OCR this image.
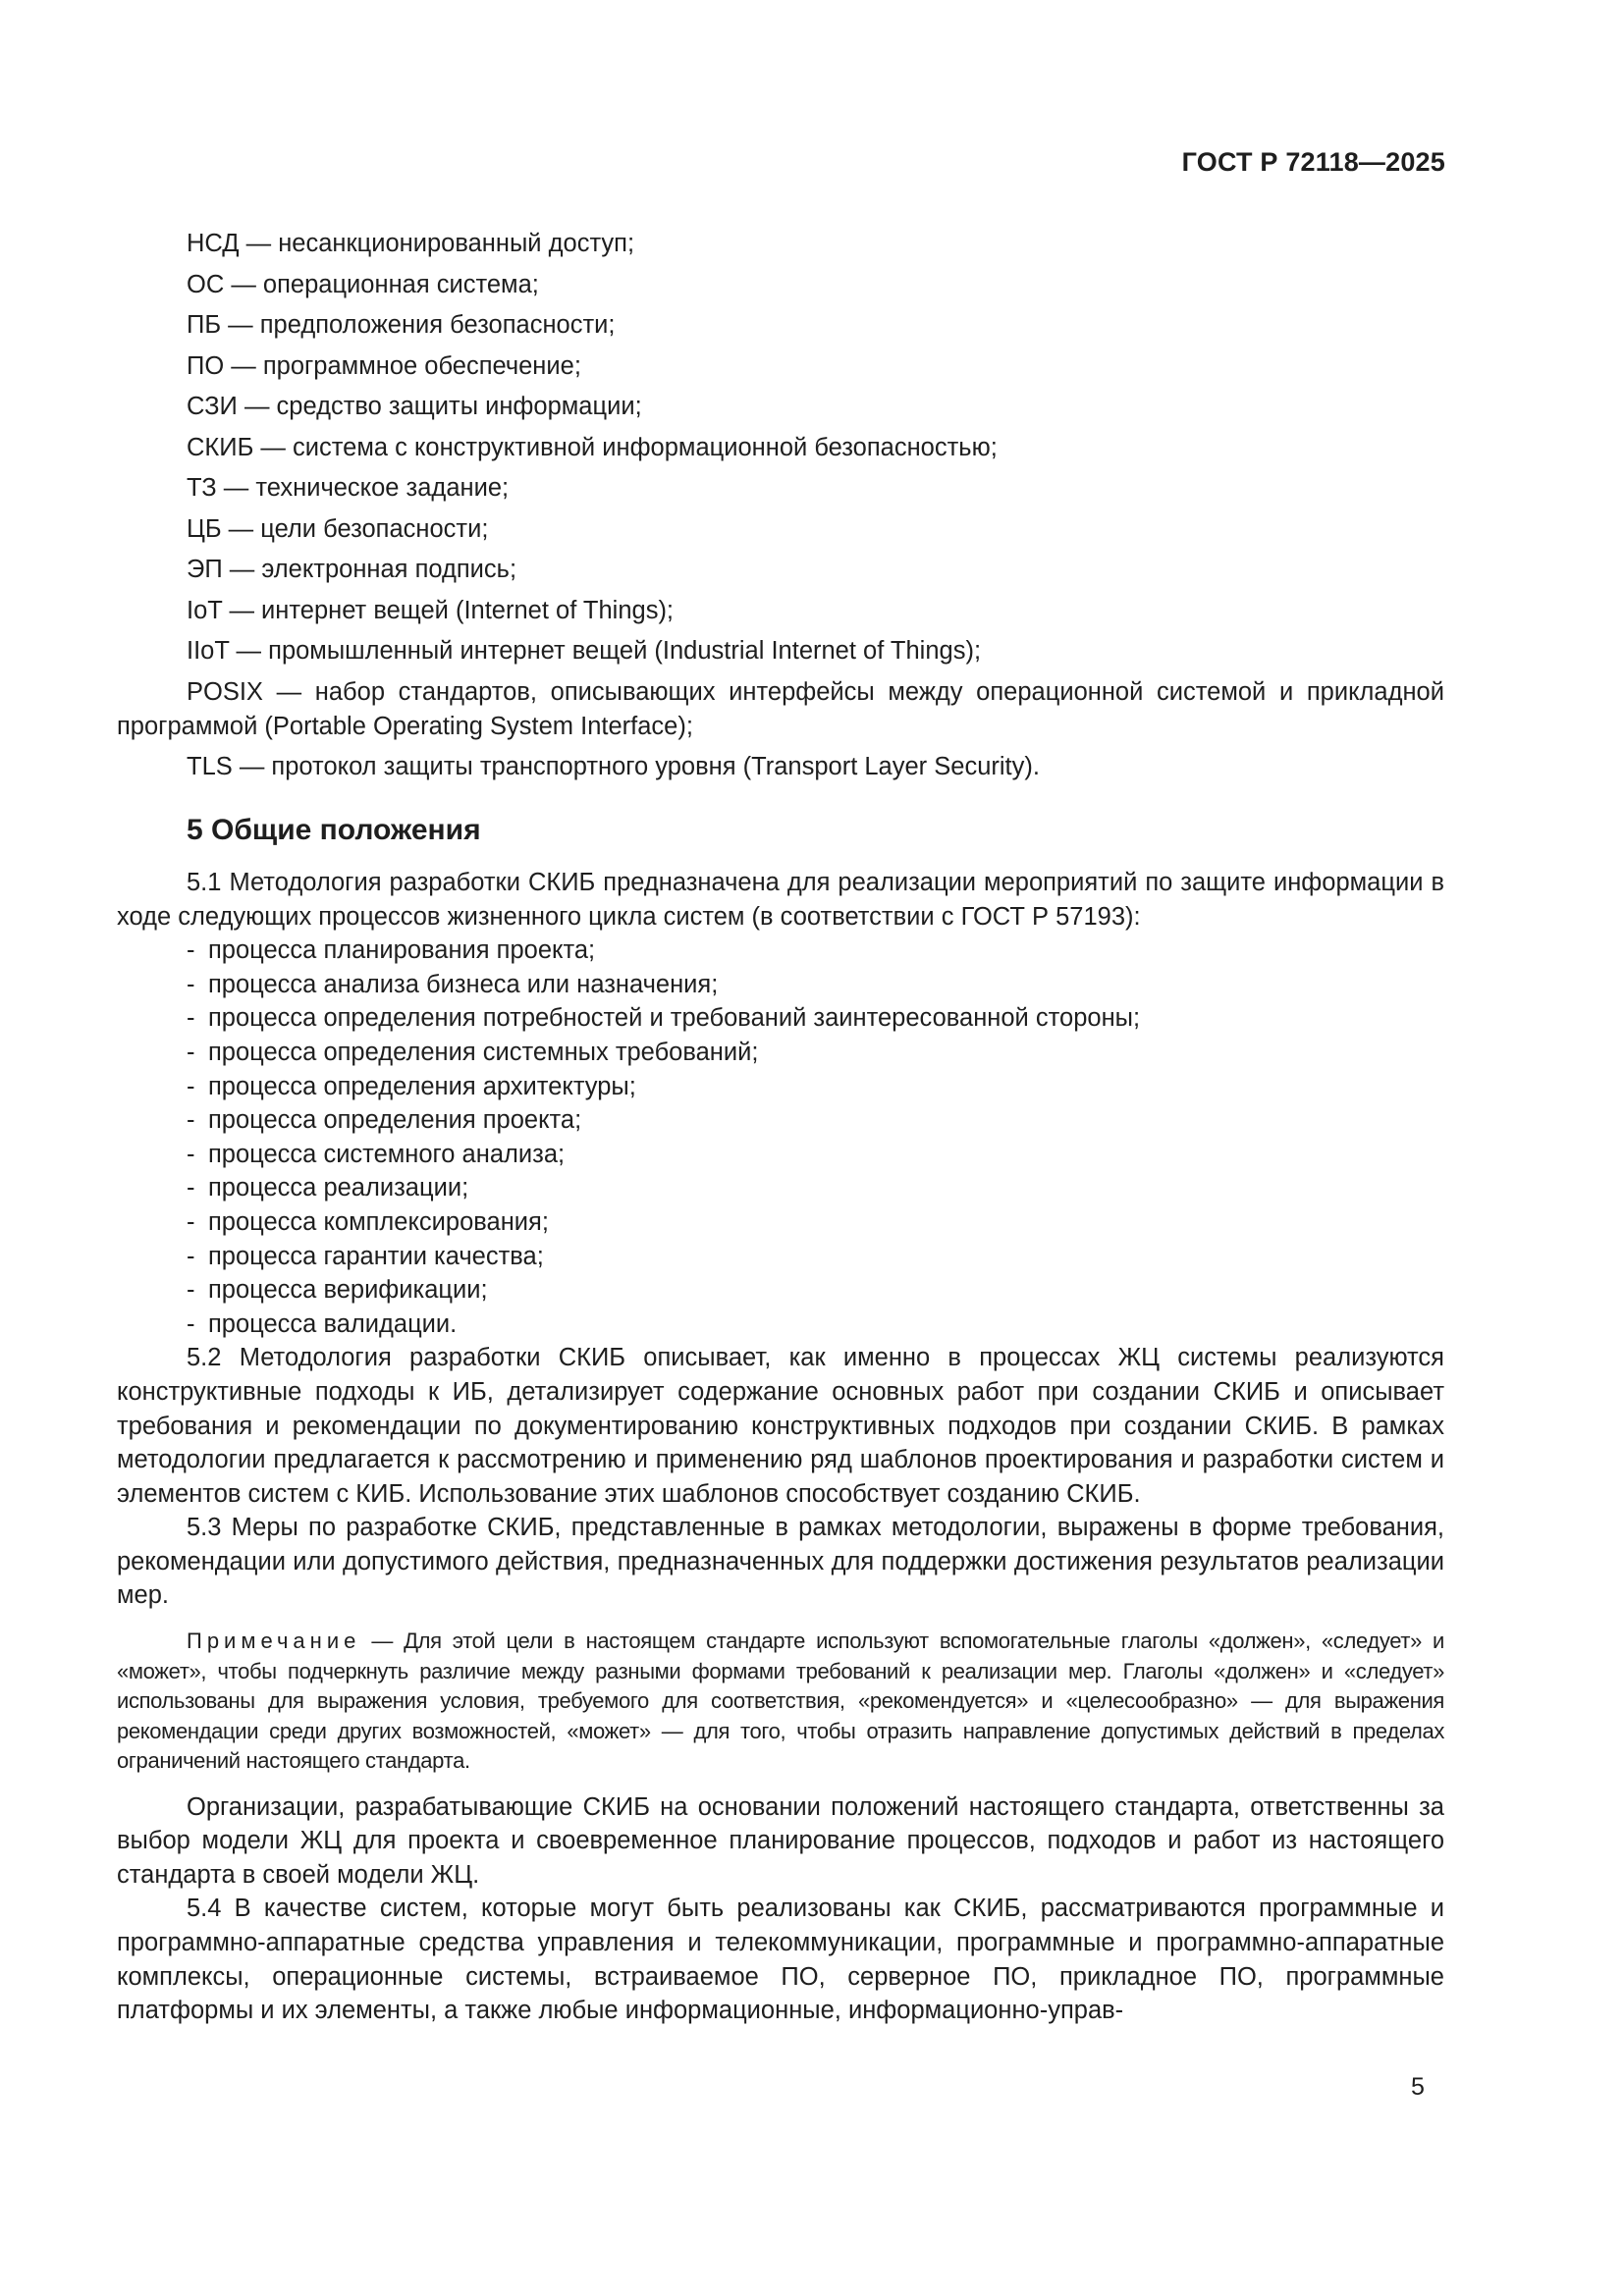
ГОСТ Р 72118—2025

НСД — несанкционированный доступ;

ОС — операционная система;

ПБ — предположения безопасности;

ПО — программное обеспечение;

СЗИ — средство защиты информации;

СКИБ — система с конструктивной информационной безопасностью;

ТЗ — техническое задание;

ЦБ — цели безопасности;

ЭП — электронная подпись;

IoT — интернет вещей (Internet of Things);

IIoT — промышленный интернет вещей (Industrial Internet of Things);

POSIX — набор стандартов, описывающих интерфейсы между операционной системой и прикладной программой (Portable Operating System Interface);

TLS — протокол защиты транспортного уровня (Transport Layer Security).

5 Общие положения

5.1 Методология разработки СКИБ предназначена для реализации мероприятий по защите информации в ходе следующих процессов жизненного цикла систем (в соответствии с ГОСТ Р 57193):

- процесса планирования проекта;
- процесса анализа бизнеса или назначения;
- процесса определения потребностей и требований заинтересованной стороны;
- процесса определения системных требований;
- процесса определения архитектуры;
- процесса определения проекта;
- процесса системного анализа;
- процесса реализации;
- процесса комплексирования;
- процесса гарантии качества;
- процесса верификации;
- процесса валидации.

5.2 Методология разработки СКИБ описывает, как именно в процессах ЖЦ системы реализуются конструктивные подходы к ИБ, детализирует содержание основных работ при создании СКИБ и описывает требования и рекомендации по документированию конструктивных подходов при создании СКИБ. В рамках методологии предлагается к рассмотрению и применению ряд шаблонов проектирования и разработки систем и элементов систем с КИБ. Использование этих шаблонов способствует созданию СКИБ.

5.3 Меры по разработке СКИБ, представленные в рамках методологии, выражены в форме требования, рекомендации или допустимого действия, предназначенных для поддержки достижения результатов реализации мер.

Примечание — Для этой цели в настоящем стандарте используют вспомогательные глаголы «должен», «следует» и «может», чтобы подчеркнуть различие между разными формами требований к реализации мер. Глаголы «должен» и «следует» использованы для выражения условия, требуемого для соответствия, «рекомендуется» и «целесообразно» — для выражения рекомендации среди других возможностей, «может» — для того, чтобы отразить направление допустимых действий в пределах ограничений настоящего стандарта.

Организации, разрабатывающие СКИБ на основании положений настоящего стандарта, ответственны за выбор модели ЖЦ для проекта и своевременное планирование процессов, подходов и работ из настоящего стандарта в своей модели ЖЦ.

5.4 В качестве систем, которые могут быть реализованы как СКИБ, рассматриваются программные и программно-аппаратные средства управления и телекоммуникации, программные и программно-аппаратные комплексы, операционные системы, встраиваемое ПО, серверное ПО, прикладное ПО, программные платформы и их элементы, а также любые информационные, информационно-управ-

5
